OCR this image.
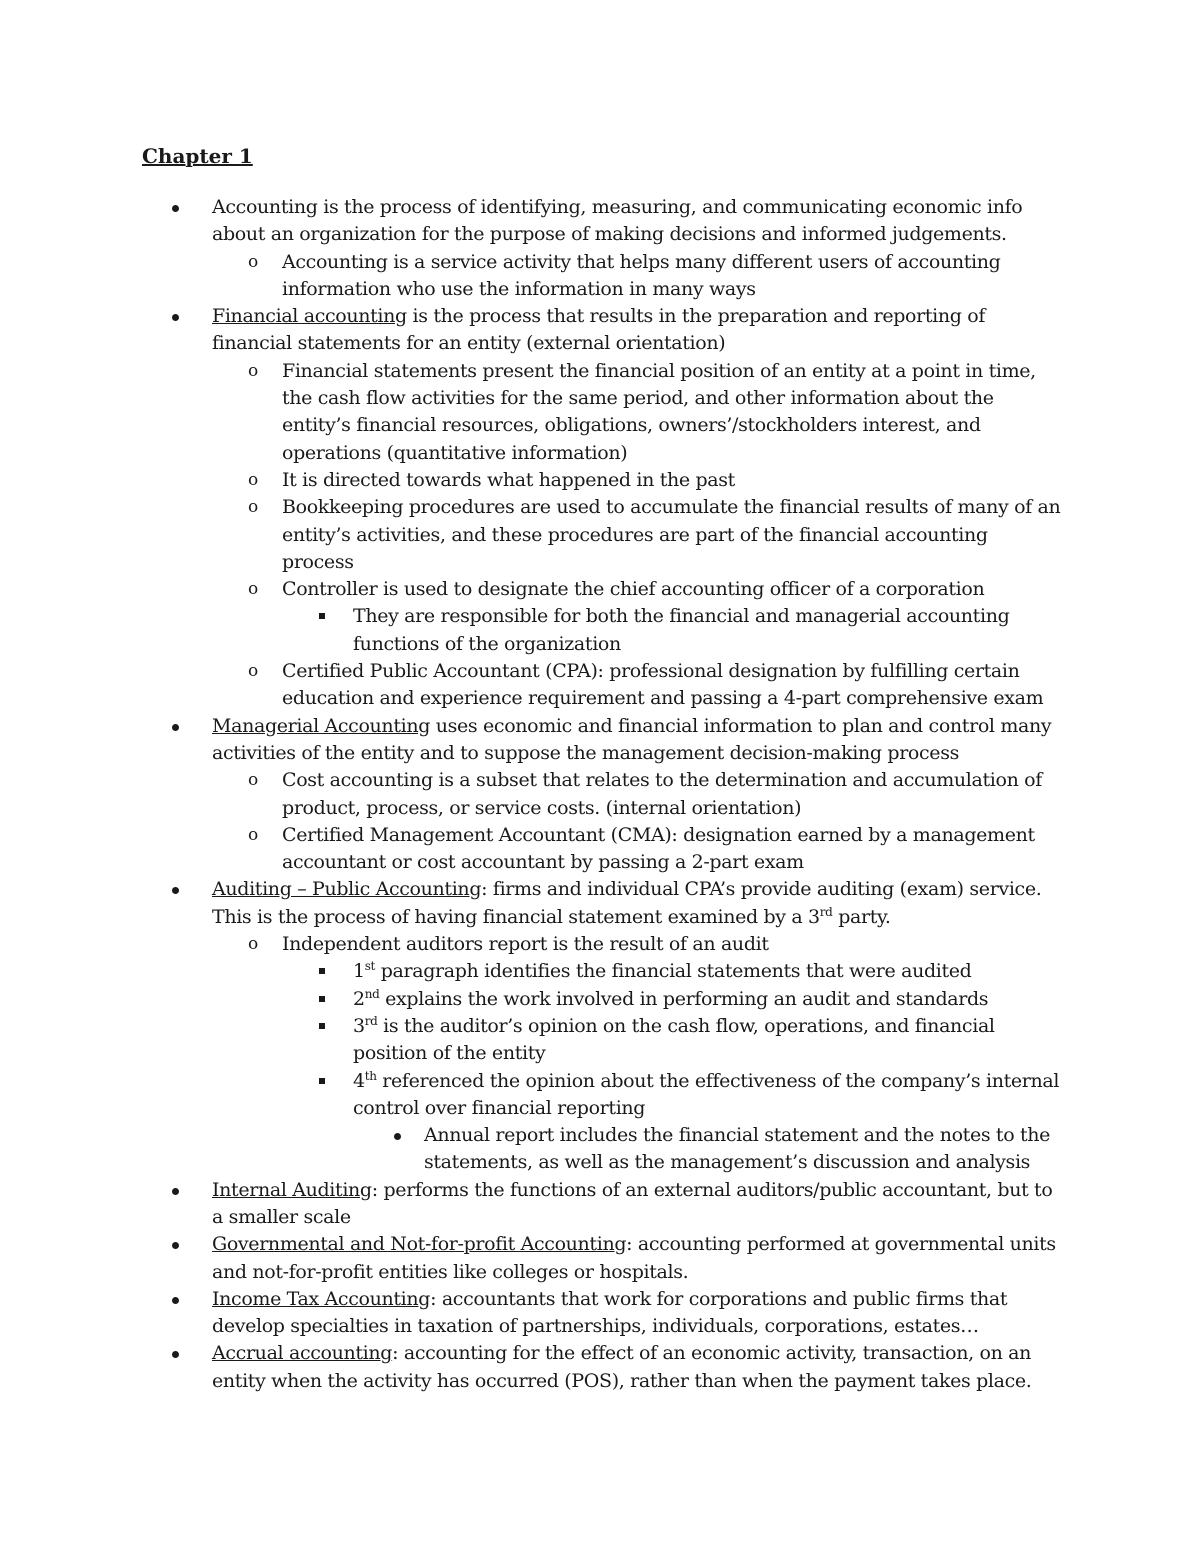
Chapter 1
Accounting is the process of identifying, measuring, and communicating economic info about an organization for the purpose of making decisions and informed judgements.
o Accounting is a service activity that helps many different users of accounting information who use the information in many ways
Financial accounting is the process that results in the preparation and reporting of financial statements for an entity (external orientation)
o Financial statements present the financial position of an entity at a point in time, the cash flow activities for the same period, and other information about the entity’s financial resources, obligations, owners’/stockholders interest, and operations (quantitative information)
o It is directed towards what happened in the past
o Bookkeeping procedures are used to accumulate the financial results of many of an entity’s activities, and these procedures are part of the financial accounting process
o Controller is used to designate the chief accounting officer of a corporation
They are responsible for both the financial and managerial accounting functions of the organization
o Certified Public Accountant (CPA): professional designation by fulfilling certain education and experience requirement and passing a 4-part comprehensive exam
Managerial Accounting uses economic and financial information to plan and control many activities of the entity and to suppose the management decision-making process
o Cost accounting is a subset that relates to the determination and accumulation of product, process, or service costs. (internal orientation)
o Certified Management Accountant (CMA): designation earned by a management accountant or cost accountant by passing a 2-part exam
Auditing – Public Accounting: firms and individual CPA’s provide auditing (exam) service. This is the process of having financial statement examined by a 3rd party.
o Independent auditors report is the result of an audit
1st paragraph identifies the financial statements that were audited
2nd explains the work involved in performing an audit and standards
3rd is the auditor’s opinion on the cash flow, operations, and financial position of the entity
4th referenced the opinion about the effectiveness of the company’s internal control over financial reporting
Annual report includes the financial statement and the notes to the statements, as well as the management’s discussion and analysis
Internal Auditing: performs the functions of an external auditors/public accountant, but to a smaller scale
Governmental and Not-for-profit Accounting: accounting performed at governmental units and not-for-profit entities like colleges or hospitals.
Income Tax Accounting: accountants that work for corporations and public firms that develop specialties in taxation of partnerships, individuals, corporations, estates…
Accrual accounting: accounting for the effect of an economic activity, transaction, on an entity when the activity has occurred (POS), rather than when the payment takes place.
